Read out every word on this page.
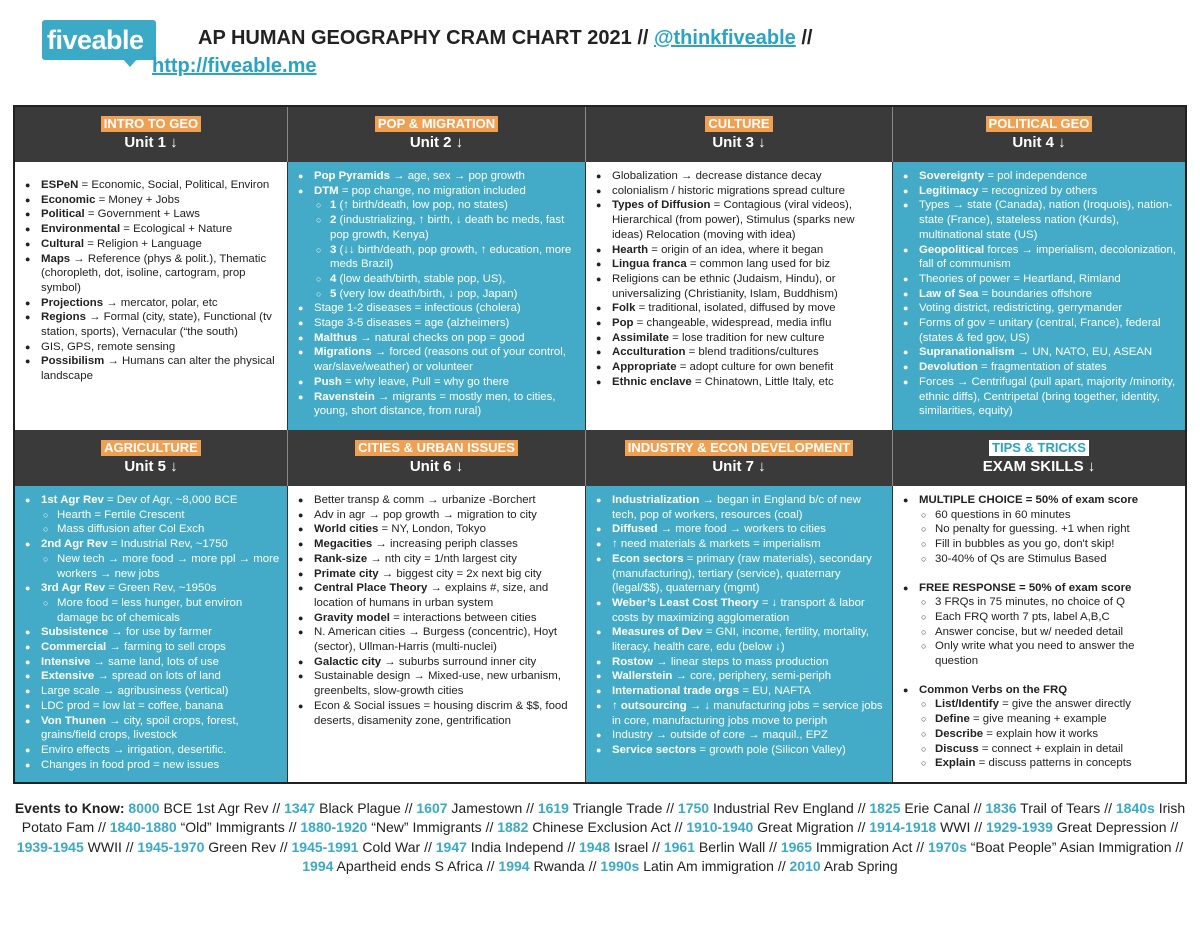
fiveable	AP HUMAN GEOGRAPHY CRAM CHART 2021 // @thinkfiveable //
http://fiveable.me
INTRO TO GEO
Unit 1 ↓
POP & MIGRATION
Unit 2 ↓
CULTURE
Unit 3 ↓
POLITICAL GEO
Unit 4 ↓
● ESPeN = Economic, Social, Political, Environ
● Economic = Money + Jobs
● Political = Government + Laws
● Environmental = Ecological + Nature
● Cultural = Religion + Language
● Maps → Reference (phys & polit.), Thematic (choropleth, dot, isoline, cartogram, prop symbol)
● Projections → mercator, polar, etc
● Regions → Formal (city, state), Functional (tv station, sports), Vernacular (“the south)
● GIS, GPS, remote sensing
● Possibilism → Humans can alter the physical landscape
● Pop Pyramids → age, sex → pop growth
● DTM = pop change, no migration included
○ 1 (↑ birth/death, low pop, no states)
○ 2 (industrializing, ↑ birth, ↓ death bc meds, fast pop growth, Kenya)
○ 3 (↓↓ birth/death, pop growth, ↑ education, more meds Brazil)
○ 4 (low death/birth, stable pop, US),
○ 5 (very low death/birth, ↓ pop, Japan)
● Stage 1-2 diseases = infectious (cholera)
● Stage 3-5 diseases = age (alzheimers)
● Malthus → natural checks on pop = good
● Migrations → forced (reasons out of your control, war/slave/weather) or volunteer
● Push = why leave, Pull = why go there
● Ravenstein → migrants = mostly men, to cities, young, short distance, from rural)
● Globalization → decrease distance decay
● colonialism / historic migrations spread culture
● Types of Diffusion = Contagious (viral videos), Hierarchical (from power), Stimulus (sparks new ideas) Relocation (moving with idea)
● Hearth = origin of an idea, where it began
● Lingua franca = common lang used for biz
● Religions can be ethnic (Judaism, Hindu), or universalizing (Christianity, Islam, Buddhism)
● Folk = traditional, isolated, diffused by move
● Pop = changeable, widespread, media influ
● Assimilate = lose tradition for new culture
● Acculturation = blend traditions/cultures
● Appropriate = adopt culture for own benefit
● Ethnic enclave = Chinatown, Little Italy, etc
● Sovereignty = pol independence
● Legitimacy = recognized by others
● Types → state (Canada), nation (Iroquois), nation-state (France), stateless nation (Kurds), multinational state (US)
● Geopolitical forces → imperialism, decolonization, fall of communism
● Theories of power = Heartland, Rimland
● Law of Sea = boundaries offshore
● Voting district, redistricting, gerrymander
● Forms of gov = unitary (central, France), federal (states & fed gov, US)
● Supranationalism → UN, NATO, EU, ASEAN
● Devolution = fragmentation of states
● Forces → Centrifugal (pull apart, majority /minority, ethnic diffs), Centripetal (bring together, identity, similarities, equity)
AGRICULTURE
Unit 5 ↓
CITIES & URBAN ISSUES
Unit 6 ↓
INDUSTRY & ECON DEVELOPMENT
Unit 7 ↓
TIPS & TRICKS
EXAM SKILLS ↓
● 1st Agr Rev = Dev of Agr, ~8,000 BCE
○ Hearth = Fertile Crescent
○ Mass diffusion after Col Exch
● 2nd Agr Rev = Industrial Rev, ~1750
○ New tech → more food → more ppl → more workers → new jobs
● 3rd Agr Rev = Green Rev, ~1950s
○ More food = less hunger, but environ damage bc of chemicals
● Subsistence → for use by farmer
● Commercial → farming to sell crops
● Intensive → same land, lots of use
● Extensive → spread on lots of land
● Large scale → agribusiness (vertical)
● LDC prod = low lat = coffee, banana
● Von Thunen → city, spoil crops, forest, grains/field crops, livestock
● Enviro effects → irrigation, desertific.
● Changes in food prod = new issues
● Better transp & comm → urbanize -Borchert
● Adv in agr → pop growth → migration to city
● World cities = NY, London, Tokyo
● Megacities → increasing periph classes
● Rank-size → nth city = 1/nth largest city
● Primate city → biggest city = 2x next big city
● Central Place Theory → explains #, size, and location of humans in urban system
● Gravity model = interactions between cities
● N. American cities → Burgess (concentric), Hoyt (sector), Ullman-Harris (multi-nuclei)
● Galactic city → suburbs surround inner city
● Sustainable design → Mixed-use, new urbanism, greenbelts, slow-growth cities
● Econ & Social issues = housing discrim & $$, food deserts, disamenity zone, gentrification
● Industrialization → began in England b/c of new tech, pop of workers, resources (coal)
● Diffused → more food → workers to cities
● ↑ need materials & markets = imperialism
● Econ sectors = primary (raw materials), secondary (manufacturing), tertiary (service), quaternary (legal/$$), quaternary (mgmt)
● Weber’s Least Cost Theory = ↓ transport & labor costs by maximizing agglomeration
● Measures of Dev = GNI, income, fertility, mortality, literacy, health care, edu (below ↓)
● Rostow → linear steps to mass production
● Wallerstein → core, periphery, semi-periph
● International trade orgs = EU, NAFTA
● ↑ outsourcing → ↓ manufacturing jobs = service jobs in core, manufacturing jobs move to periph
● Industry → outside of core → maquil., EPZ
● Service sectors = growth pole (Silicon Valley)
● MULTIPLE CHOICE = 50% of exam score
○ 60 questions in 60 minutes
○ No penalty for guessing. +1 when right
○ Fill in bubbles as you go, don't skip!
○ 30-40% of Qs are Stimulus Based
● FREE RESPONSE = 50% of exam score
○ 3 FRQs in 75 minutes, no choice of Q
○ Each FRQ worth 7 pts, label A,B,C
○ Answer concise, but w/ needed detail
○ Only write what you need to answer the question
● Common Verbs on the FRQ
○ List/Identify = give the answer directly
○ Define = give meaning + example
○ Describe = explain how it works
○ Discuss = connect + explain in detail
○ Explain = discuss patterns in concepts
Events to Know: 8000 BCE 1st Agr Rev // 1347 Black Plague // 1607 Jamestown // 1619 Triangle Trade // 1750 Industrial Rev England // 1825 Erie Canal // 1836 Trail of Tears // 1840s Irish Potato Fam // 1840-1880 “Old” Immigrants // 1880-1920 “New” Immigrants // 1882 Chinese Exclusion Act // 1910-1940 Great Migration // 1914-1918 WWI // 1929-1939 Great Depression // 1939-1945 WWII // 1945-1970 Green Rev // 1945-1991 Cold War // 1947 India Independ // 1948 Israel // 1961 Berlin Wall // 1965 Immigration Act // 1970s “Boat People” Asian Immigration // 1994 Apartheid ends S Africa // 1994 Rwanda // 1990s Latin Am immigration // 2010 Arab Spring
